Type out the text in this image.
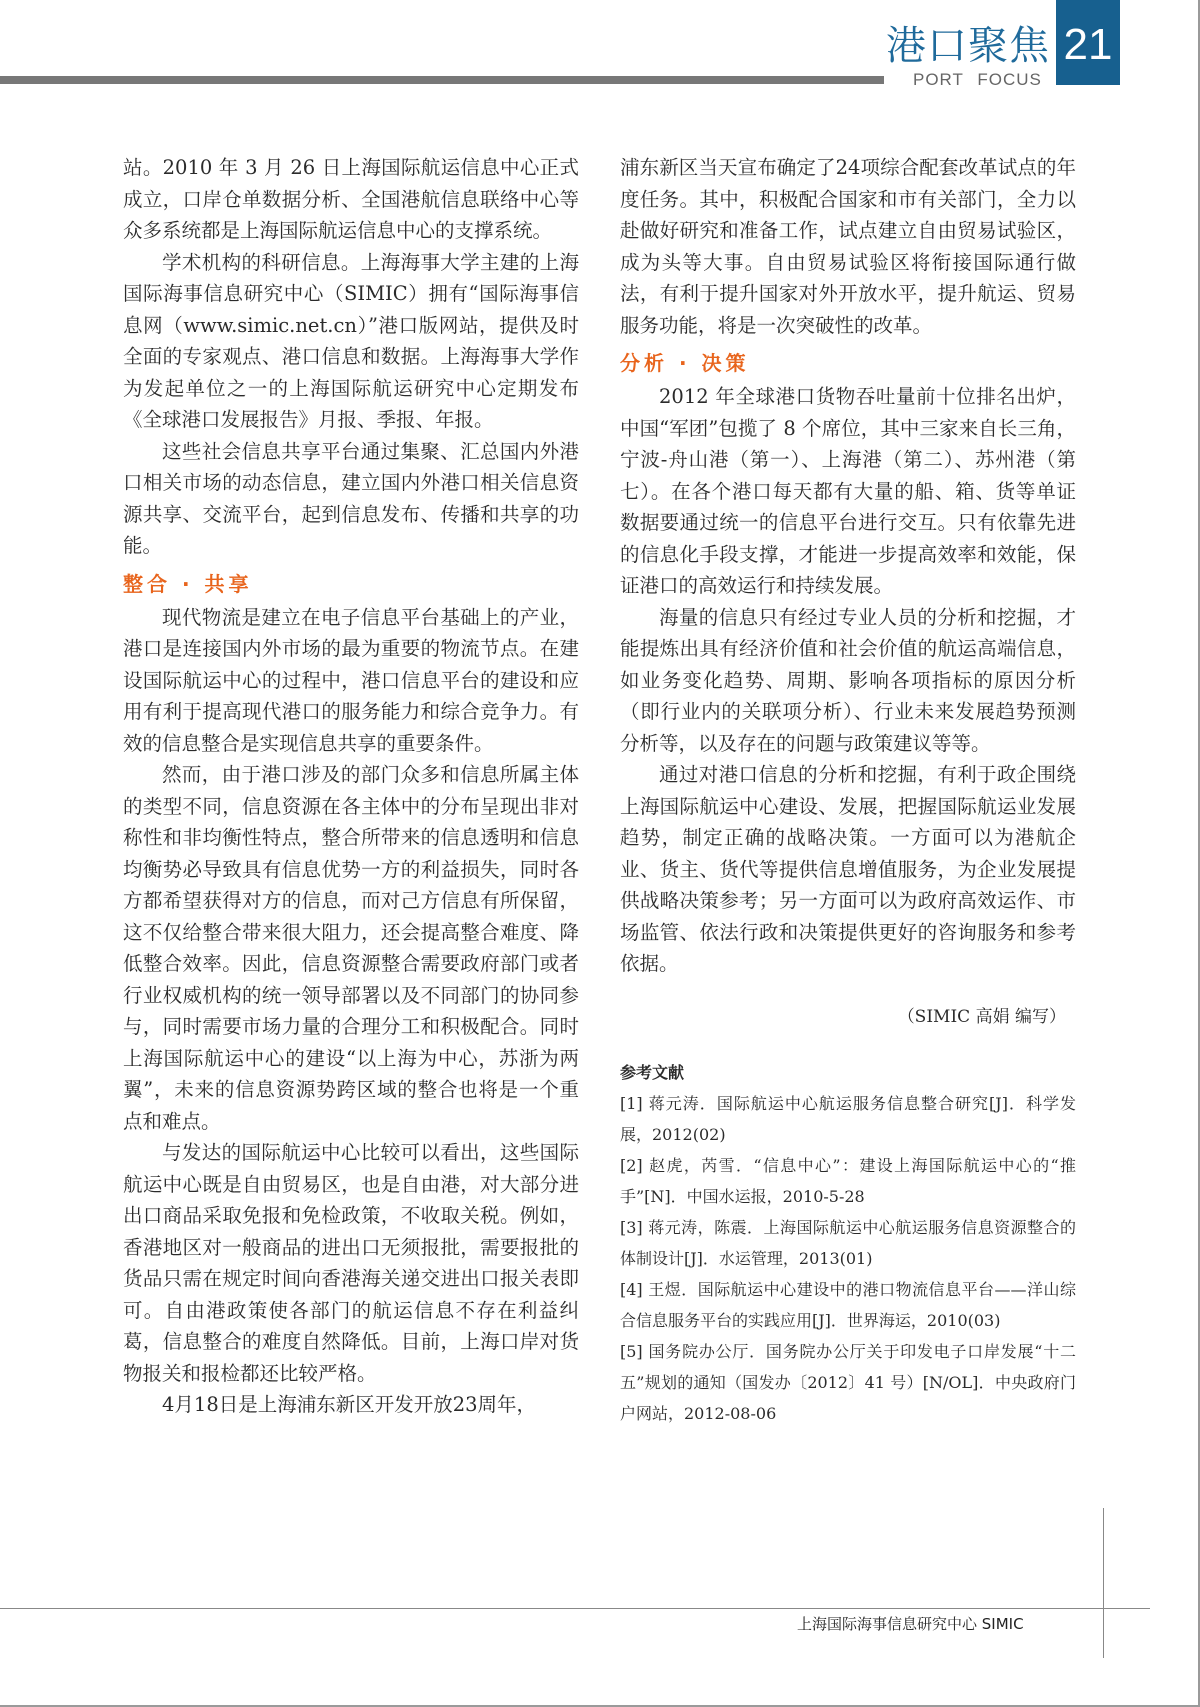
港口聚焦
PORT FOCUS
21

站。2010 年 3 月 26 日上海国际航运信息中心正式成立，口岸仓单数据分析、全国港航信息联络中心等众多系统都是上海国际航运信息中心的支撑系统。

学术机构的科研信息。上海海事大学主建的上海国际海事信息研究中心（SIMIC）拥有“国际海事信息网（www.simic.net.cn）”港口版网站，提供及时全面的专家观点、港口信息和数据。上海海事大学作为发起单位之一的上海国际航运研究中心定期发布《全球港口发展报告》月报、季报、年报。

这些社会信息共享平台通过集聚、汇总国内外港口相关市场的动态信息，建立国内外港口相关信息资源共享、交流平台，起到信息发布、传播和共享的功能。

整合 · 共享

现代物流是建立在电子信息平台基础上的产业，港口是连接国内外市场的最为重要的物流节点。在建设国际航运中心的过程中，港口信息平台的建设和应用有利于提高现代港口的服务能力和综合竞争力。有效的信息整合是实现信息共享的重要条件。

然而，由于港口涉及的部门众多和信息所属主体的类型不同，信息资源在各主体中的分布呈现出非对称性和非均衡性特点，整合所带来的信息透明和信息均衡势必导致具有信息优势一方的利益损失，同时各方都希望获得对方的信息，而对己方信息有所保留，这不仅给整合带来很大阻力，还会提高整合难度、降低整合效率。因此，信息资源整合需要政府部门或者行业权威机构的统一领导部署以及不同部门的协同参与，同时需要市场力量的合理分工和积极配合。同时上海国际航运中心的建设“以上海为中心，苏浙为两翼”，未来的信息资源势跨区域的整合也将是一个重点和难点。

与发达的国际航运中心比较可以看出，这些国际航运中心既是自由贸易区，也是自由港，对大部分进出口商品采取免报和免检政策，不收取关税。例如，香港地区对一般商品的进出口无须报批，需要报批的货品只需在规定时间向香港海关递交进出口报关表即可。自由港政策使各部门的航运信息不存在利益纠葛，信息整合的难度自然降低。目前，上海口岸对货物报关和报检都还比较严格。

4月18日是上海浦东新区开发开放23周年，

浦东新区当天宣布确定了24项综合配套改革试点的年度任务。其中，积极配合国家和市有关部门，全力以赴做好研究和准备工作，试点建立自由贸易试验区，成为头等大事。自由贸易试验区将衔接国际通行做法，有利于提升国家对外开放水平，提升航运、贸易服务功能，将是一次突破性的改革。

分析 · 决策

2012 年全球港口货物吞吐量前十位排名出炉，中国“军团”包揽了 8 个席位，其中三家来自长三角，宁波-舟山港（第一）、上海港（第二）、苏州港（第七）。在各个港口每天都有大量的船、箱、货等单证数据要通过统一的信息平台进行交互。只有依靠先进的信息化手段支撑，才能进一步提高效率和效能，保证港口的高效运行和持续发展。

海量的信息只有经过专业人员的分析和挖掘，才能提炼出具有经济价值和社会价值的航运高端信息，如业务变化趋势、周期、影响各项指标的原因分析（即行业内的关联项分析）、行业未来发展趋势预测分析等，以及存在的问题与政策建议等等。

通过对港口信息的分析和挖掘，有利于政企围绕上海国际航运中心建设、发展，把握国际航运业发展趋势，制定正确的战略决策。一方面可以为港航企业、货主、货代等提供信息增值服务，为企业发展提供战略决策参考；另一方面可以为政府高效运作、市场监管、依法行政和决策提供更好的咨询服务和参考依据。

（SIMIC 高娟 编写）
参考文献

[1] 蒋元涛．国际航运中心航运服务信息整合研究[J]．科学发展，2012(02)

[2] 赵虎，芮雪．“信息中心”：建设上海国际航运中心的“推手”[N]．中国水运报，2010-5-28

[3] 蒋元涛，陈震．上海国际航运中心航运服务信息资源整合的体制设计[J]．水运管理，2013(01)

[4] 王煜．国际航运中心建设中的港口物流信息平台——洋山综合信息服务平台的实践应用[J]．世界海运，2010(03)

[5] 国务院办公厅．国务院办公厅关于印发电子口岸发展“十二五”规划的通知（国发办〔2012〕41 号）[N/OL]．中央政府门户网站，2012-08-06

上海国际海事信息研究中心 SIMIC
